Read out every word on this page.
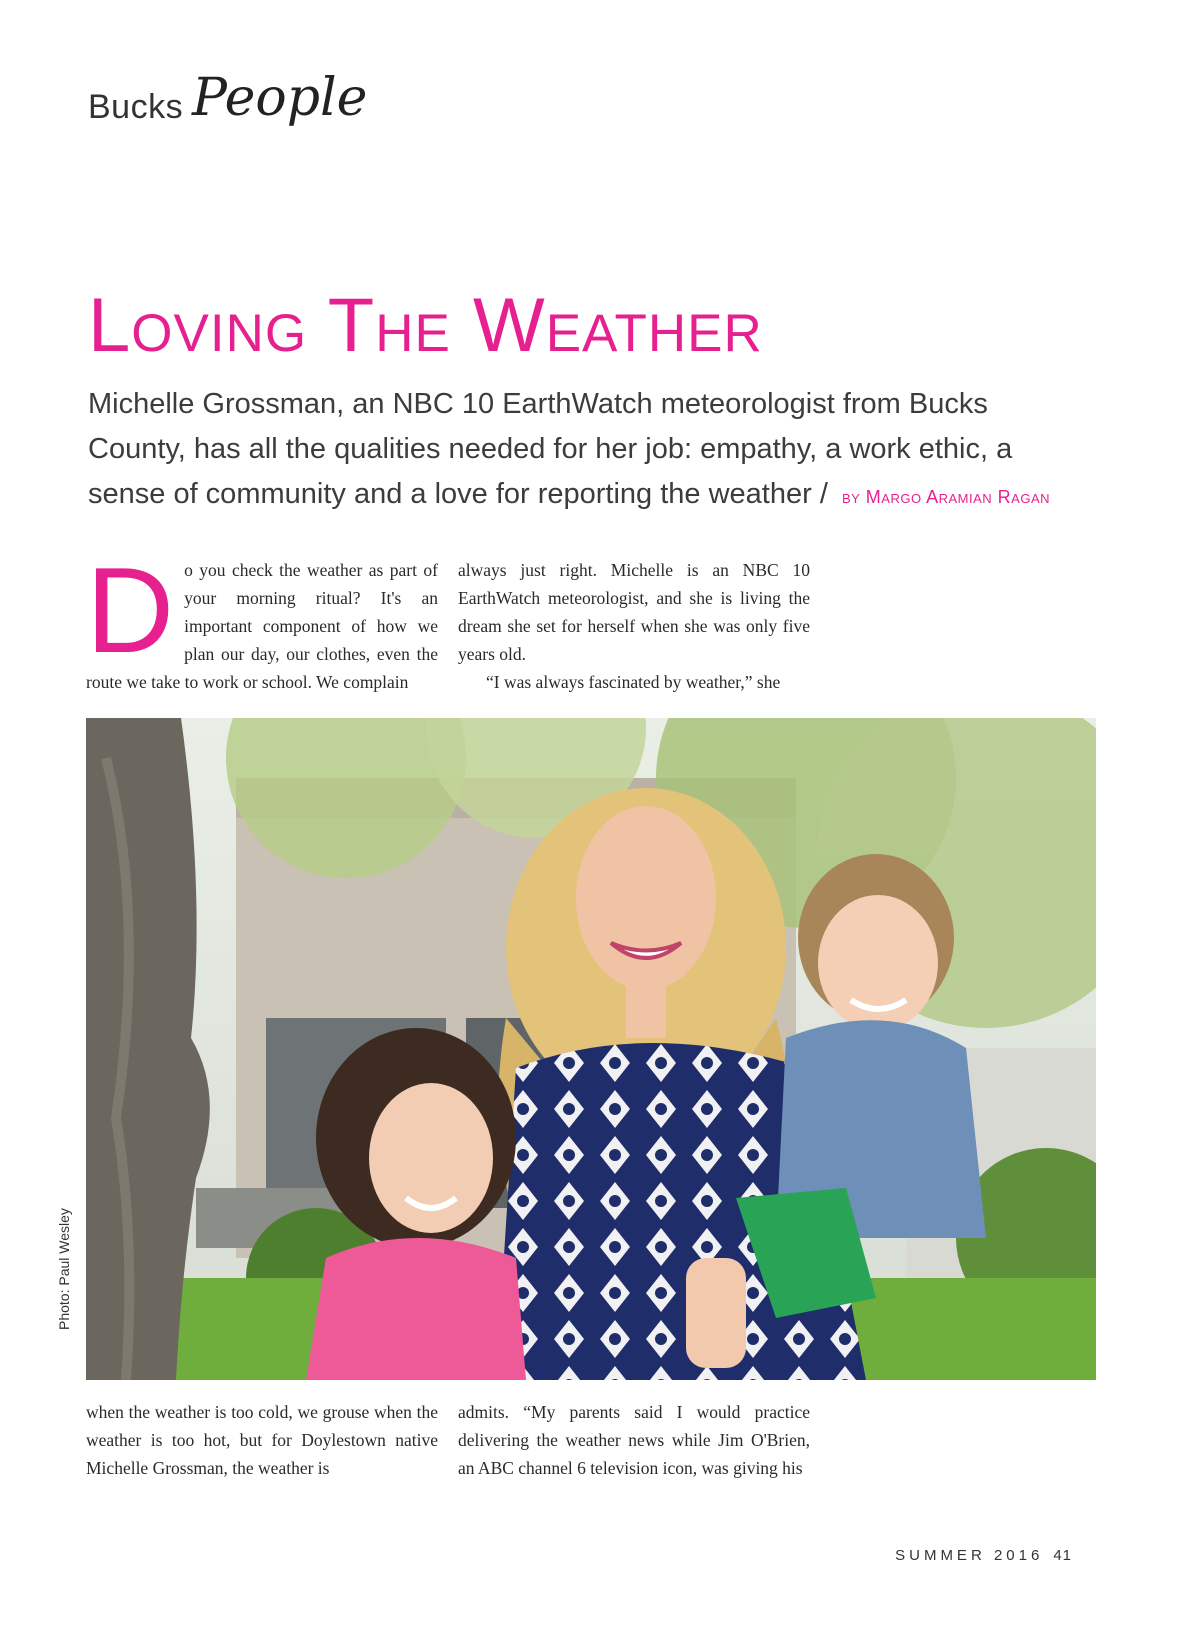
Bucks People
Loving The Weather

Michelle Grossman, an NBC 10 EarthWatch meteorologist from Bucks County, has all the qualities needed for her job: empathy, a work ethic, a sense of community and a love for reporting the weather / by Margo Aramian Ragan

D o you check the weather as part of your morning ritual? It's an important component of how we plan our day, our clothes, even the route we take to work or school. We complain

always just right. Michelle is an NBC 10 EarthWatch meteorologist, and she is living the dream she set for herself when she was only five years old.

“I was always fascinated by weather,” she

Photo: Paul Wesley

when the weather is too cold, we grouse when the weather is too hot, but for Doylestown native Michelle Grossman, the weather is

admits. “My parents said I would practice delivering the weather news while Jim O'Brien, an ABC channel 6 television icon, was giving his

SUMMER 2016 41
